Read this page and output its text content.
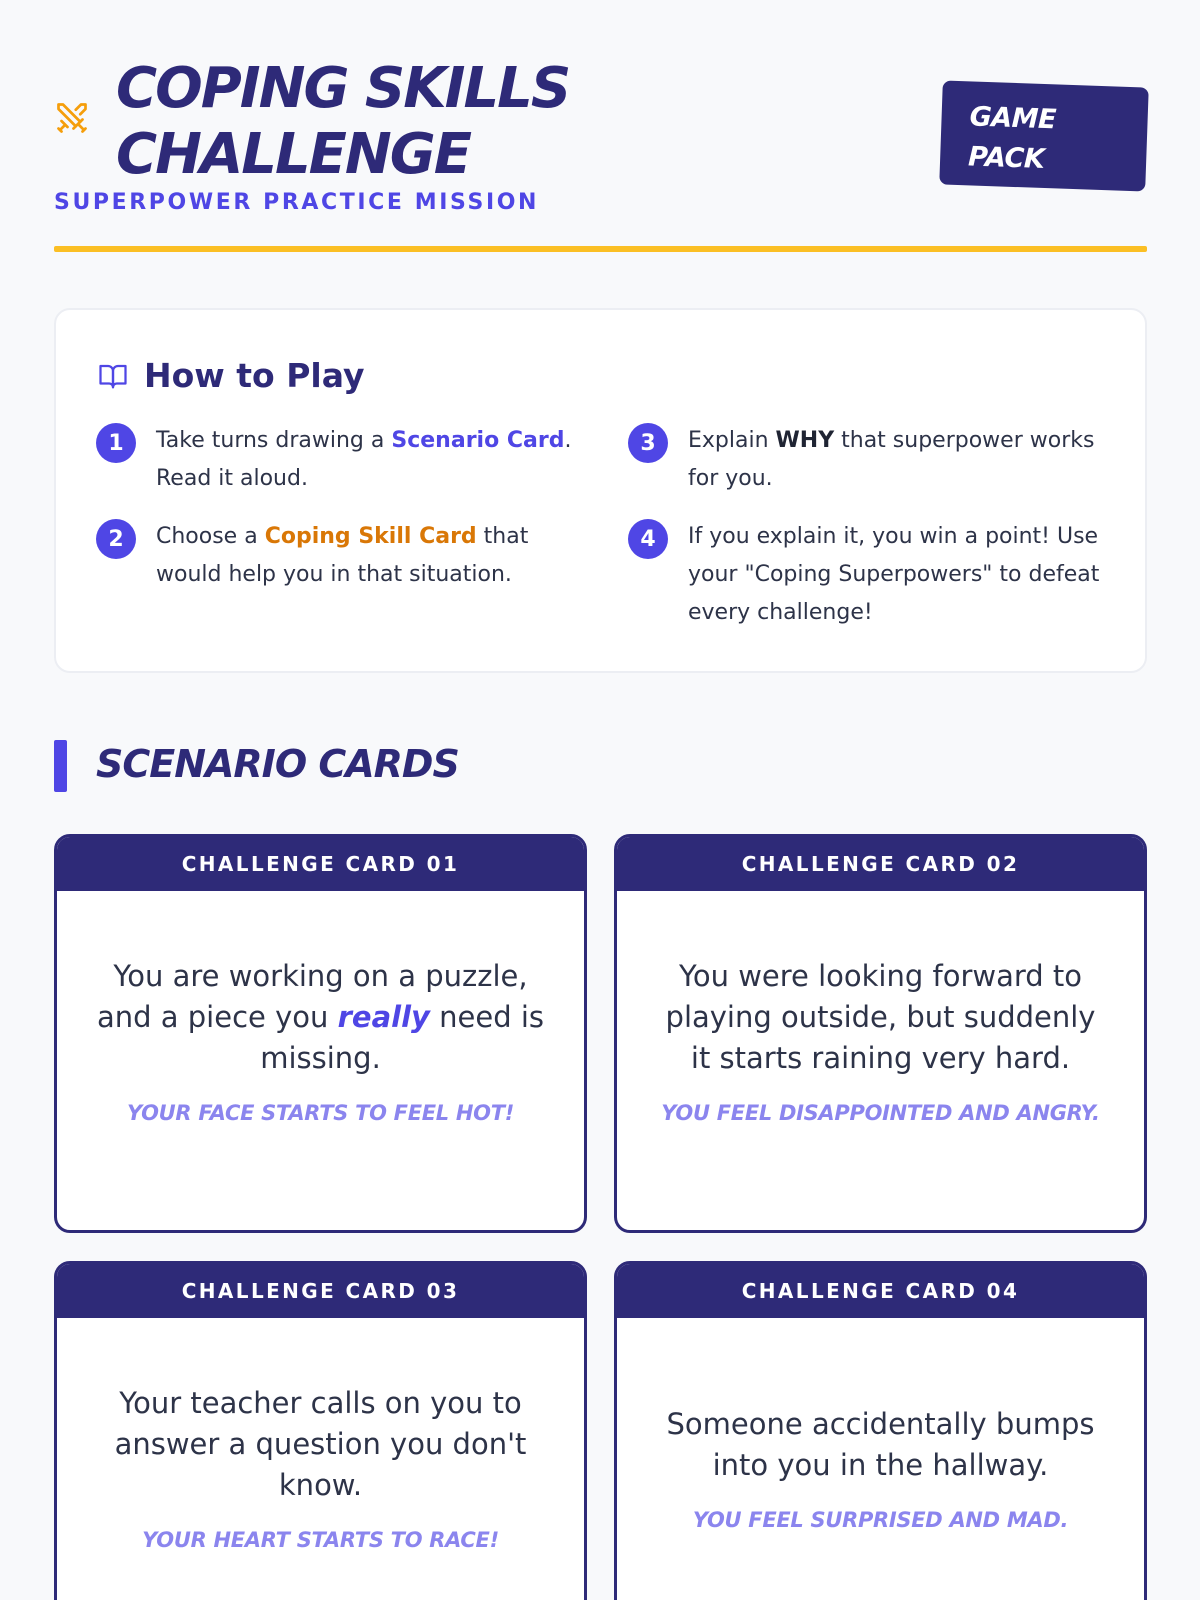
COPING SKILLS CHALLENGE
SUPERPOWER PRACTICE MISSION
GAME PACK
How to Play
1	Take turns drawing a Scenario Card. Read it aloud.
2	Choose a Coping Skill Card that would help you in that situation.
3	Explain WHY that superpower works for you.
4	If you explain it, you win a point! Use your "Coping Superpowers" to defeat every challenge!
SCENARIO CARDS
CHALLENGE CARD 01

You are working on a puzzle, and a piece you really need is missing.

YOUR FACE STARTS TO FEEL HOT!

CHALLENGE CARD 02

You were looking forward to playing outside, but suddenly it starts raining very hard.

YOU FEEL DISAPPOINTED AND ANGRY.

CHALLENGE CARD 03

Your teacher calls on you to answer a question you don't know.

YOUR HEART STARTS TO RACE!

CHALLENGE CARD 04

Someone accidentally bumps into you in the hallway.

YOU FEEL SURPRISED AND MAD.
